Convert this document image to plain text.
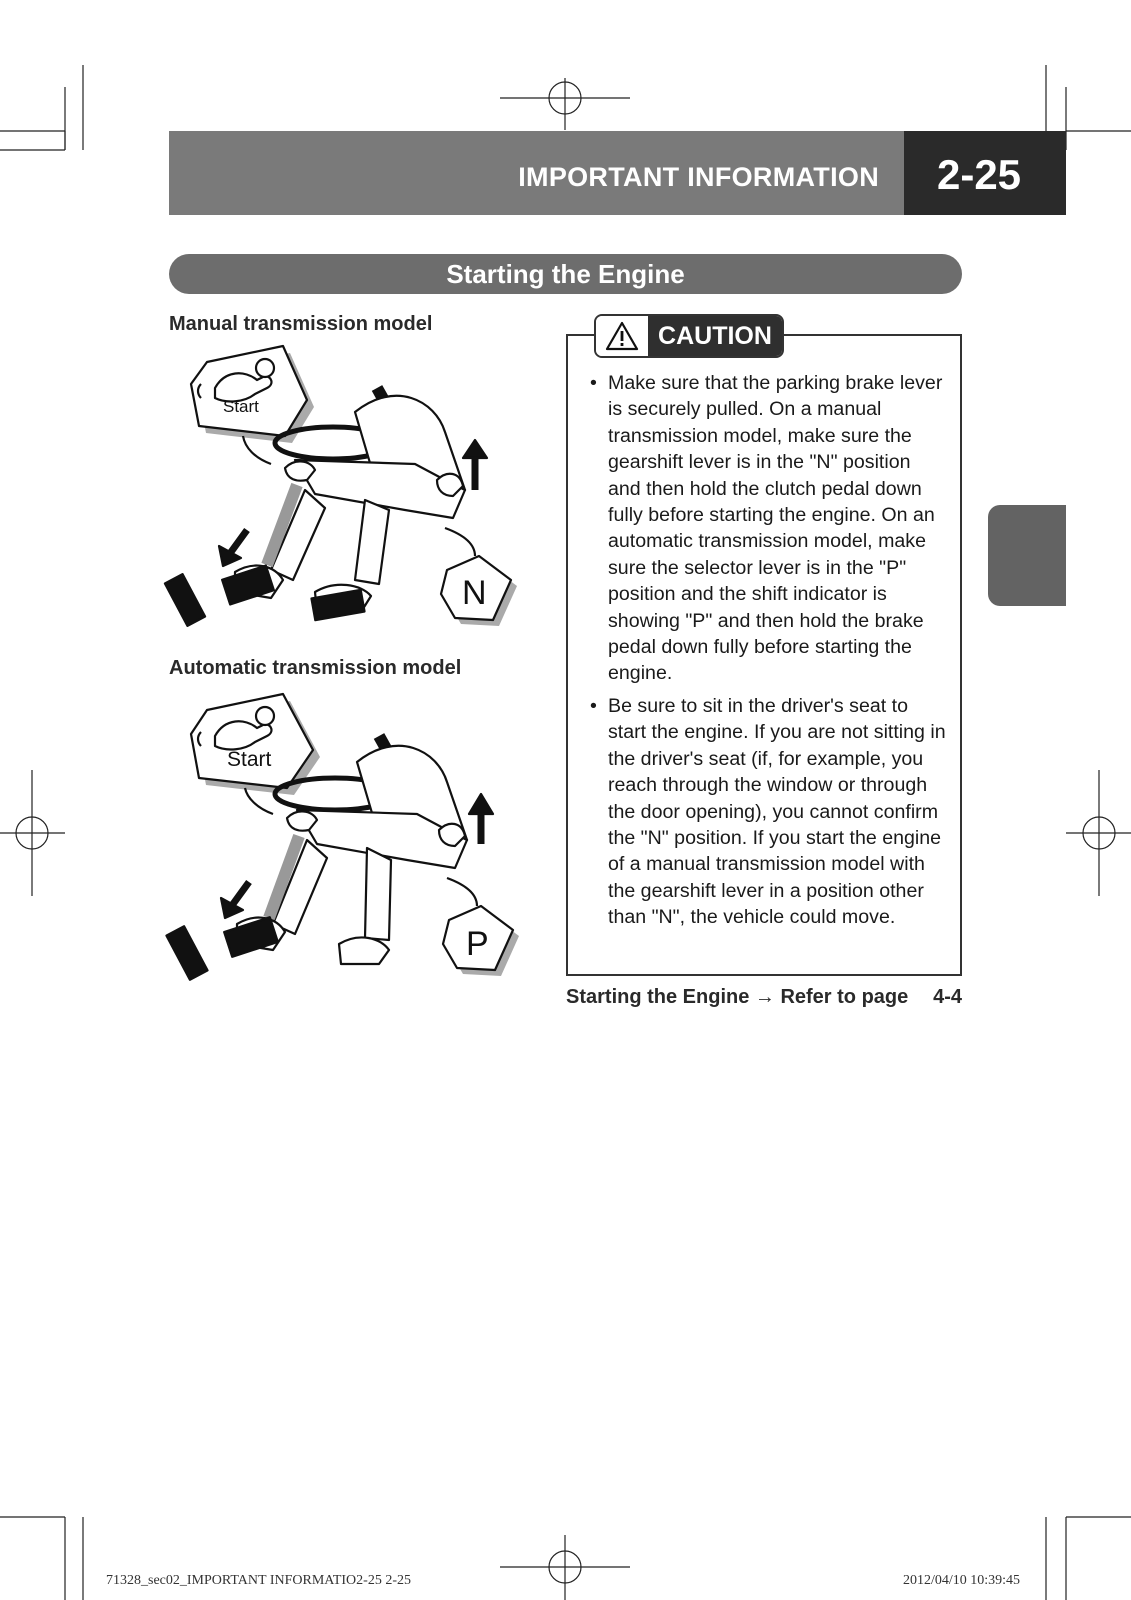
IMPORTANT INFORMATION	2-25
Starting the Engine
Manual transmission model
Start
N
Automatic transmission model
Start
P
CAUTION
• Make sure that the parking brake lever is securely pulled. On a manual transmission model, make sure the gearshift lever is in the "N" position and then hold the clutch pedal down fully before starting the engine. On an automatic transmission model, make sure the selector lever is in the "P" position and the shift indicator is showing "P" and then hold the brake pedal down fully before starting the engine.
• Be sure to sit in the driver's seat to start the engine. If you are not sitting in the driver's seat (if, for example, you reach through the window or through the door opening), you cannot confirm the "N" position. If you start the engine of a manual transmission model with the gearshift lever in a position other than "N", the vehicle could move.
Starting the Engine → Refer to page 4-4
71328_sec02_IMPORTANT INFORMATIO2-25 2-25	2012/04/10 10:39:45
